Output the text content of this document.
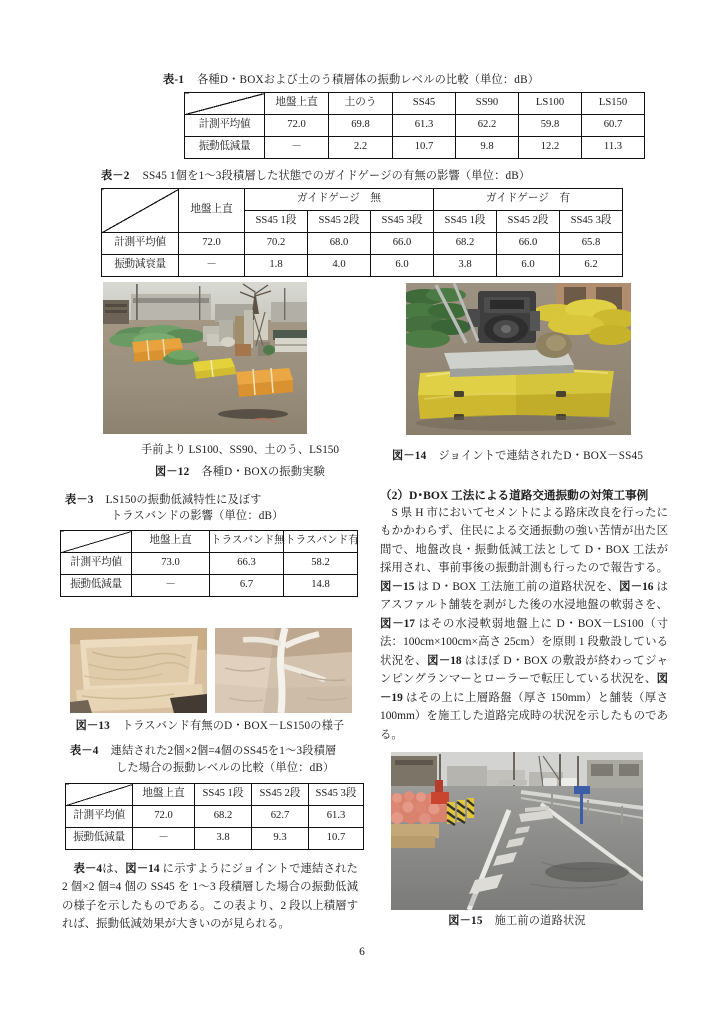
表-1 各種D・BOXおよび土のう積層体の振動レベルの比較（単位：dB）
	地盤上直	土のう	SS45	SS90	LS100	LS150
計測平均値	72.0	69.8	61.3	62.2	59.8	60.7
振動低減量	－	2.2	10.7	9.8	12.2	11.3
表－2 SS45 1個を1～3段積層した状態でのガイドゲージの有無の影響（単位：dB）
	地盤上直	ガイドゲージ　無			ガイドゲージ　有		
		SS45 1段	SS45 2段	SS45 3段	SS45 1段	SS45 2段	SS45 3段
計測平均値	72.0	70.2	68.0	66.0	68.2	66.0	65.8
振動減衰量	－	1.8	4.0	6.0	3.8	6.0	6.2
手前より LS100、SS90、土のう、LS150
図－12 各種D・BOXの振動実験
図－14 ジョイントで連結されたD・BOX－SS45
表－3 LS150の振動低減特性に及ぼす
トラスバンドの影響（単位：dB）
	地盤上直	トラスバンド無	トラスバンド有
計測平均値	73.0	66.3	58.2
振動低減量	－	6.7	14.8
図－13 トラスバンド有無のD・BOX－LS150の様子
表－4 連結された2個×2個=4個のSS45を1～3段積層
した場合の振動レベルの比較（単位：dB）
	地盤上直	SS45 1段	SS45 2段	SS45 3段
計測平均値	72.0	68.2	62.7	61.3
振動低減量	－	3.8	9.3	10.7
　表－4は、図－14 に示すようにジョイントで連結された 2 個×2 個=4 個の SS45 を 1～3 段積層した場合の振動低減の様子を示したものである。この表より、2 段以上積層すれば、振動低減効果が大きいのが見られる。
（2）D･BOX 工法による道路交通振動の対策工事例
　S 県 H 市においてセメントによる路床改良を行ったにもかかわらず、住民による交通振動の強い苦情が出た区間で、地盤改良・振動低減工法として D・BOX 工法が採用され、事前事後の振動計測も行ったので報告する。図－15 は D・BOX 工法施工前の道路状況を、図－16 はアスファルト舗装を剥がした後の水浸地盤の軟弱さを、図－17 はその水浸軟弱地盤上に D・BOX－LS100（寸法：100cm×100cm×高さ 25cm）を原則 1 段敷設している状況を、図－18 はほぼ D・BOX の敷設が終わってジャンピングランマーとローラーで転圧している状況を、図－19 はその上に上層路盤（厚さ 150mm）と舗装（厚さ 100mm）を施工した道路完成時の状況を示したものである。
図－15 施工前の道路状況
6
